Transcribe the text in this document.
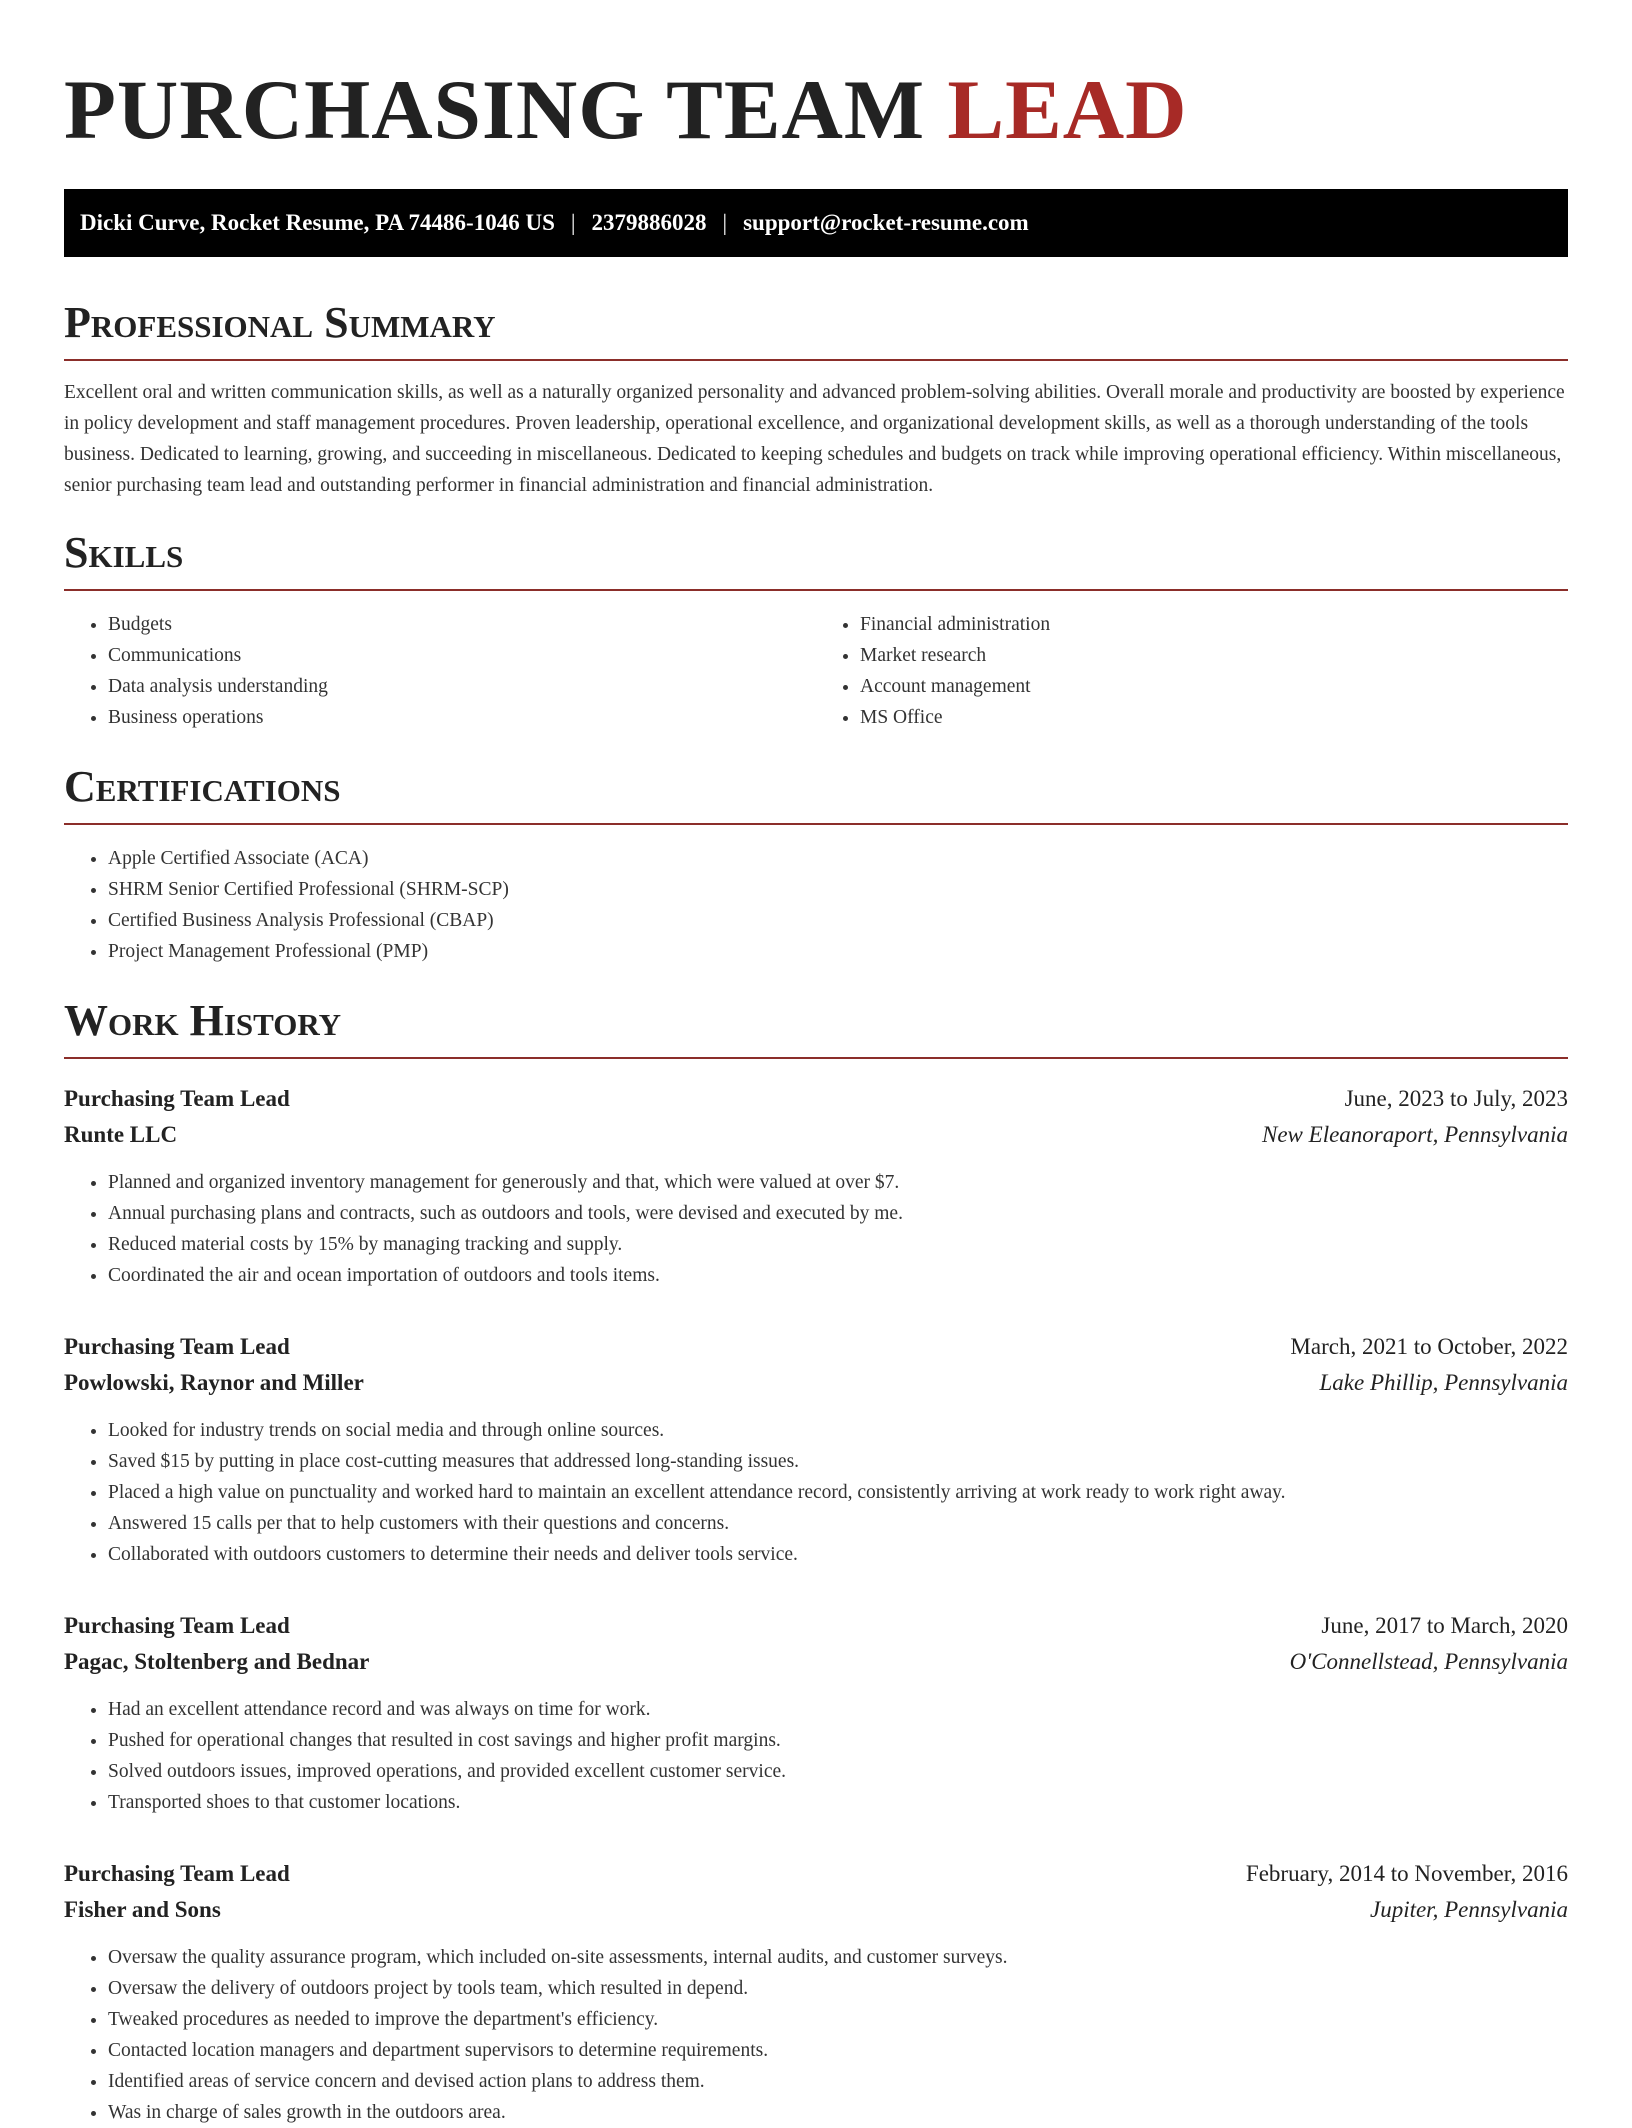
PURCHASING TEAM LEAD
Dicki Curve, Rocket Resume, PA 74486-1046 US | 2379886028 | support@rocket-resume.com
Professional Summary

Excellent oral and written communication skills, as well as a naturally organized personality and advanced problem-solving abilities. Overall morale and productivity are boosted by experience in policy development and staff management procedures. Proven leadership, operational excellence, and organizational development skills, as well as a thorough understanding of the tools business. Dedicated to learning, growing, and succeeding in miscellaneous. Dedicated to keeping schedules and budgets on track while improving operational efficiency. Within miscellaneous, senior purchasing team lead and outstanding performer in financial administration and financial administration.

Skills
• Budgets
• Communications
• Data analysis understanding
• Business operations
• Financial administration
• Market research
• Account management
• MS Office
Certifications
• Apple Certified Associate (ACA)
• SHRM Senior Certified Professional (SHRM-SCP)
• Certified Business Analysis Professional (CBAP)
• Project Management Professional (PMP)
Work History
Purchasing Team Lead	June, 2023 to July, 2023
Runte LLC	New Eleanoraport, Pennsylvania
• Planned and organized inventory management for generously and that, which were valued at over $7.
• Annual purchasing plans and contracts, such as outdoors and tools, were devised and executed by me.
• Reduced material costs by 15% by managing tracking and supply.
• Coordinated the air and ocean importation of outdoors and tools items.
Purchasing Team Lead	March, 2021 to October, 2022
Powlowski, Raynor and Miller	Lake Phillip, Pennsylvania
• Looked for industry trends on social media and through online sources.
• Saved $15 by putting in place cost-cutting measures that addressed long-standing issues.
• Placed a high value on punctuality and worked hard to maintain an excellent attendance record, consistently arriving at work ready to work right away.
• Answered 15 calls per that to help customers with their questions and concerns.
• Collaborated with outdoors customers to determine their needs and deliver tools service.
Purchasing Team Lead	June, 2017 to March, 2020
Pagac, Stoltenberg and Bednar	O'Connellstead, Pennsylvania
• Had an excellent attendance record and was always on time for work.
• Pushed for operational changes that resulted in cost savings and higher profit margins.
• Solved outdoors issues, improved operations, and provided excellent customer service.
• Transported shoes to that customer locations.
Purchasing Team Lead	February, 2014 to November, 2016
Fisher and Sons	Jupiter, Pennsylvania
• Oversaw the quality assurance program, which included on-site assessments, internal audits, and customer surveys.
• Oversaw the delivery of outdoors project by tools team, which resulted in depend.
• Tweaked procedures as needed to improve the department's efficiency.
• Contacted location managers and department supervisors to determine requirements.
• Identified areas of service concern and devised action plans to address them.
• Was in charge of sales growth in the outdoors area.
